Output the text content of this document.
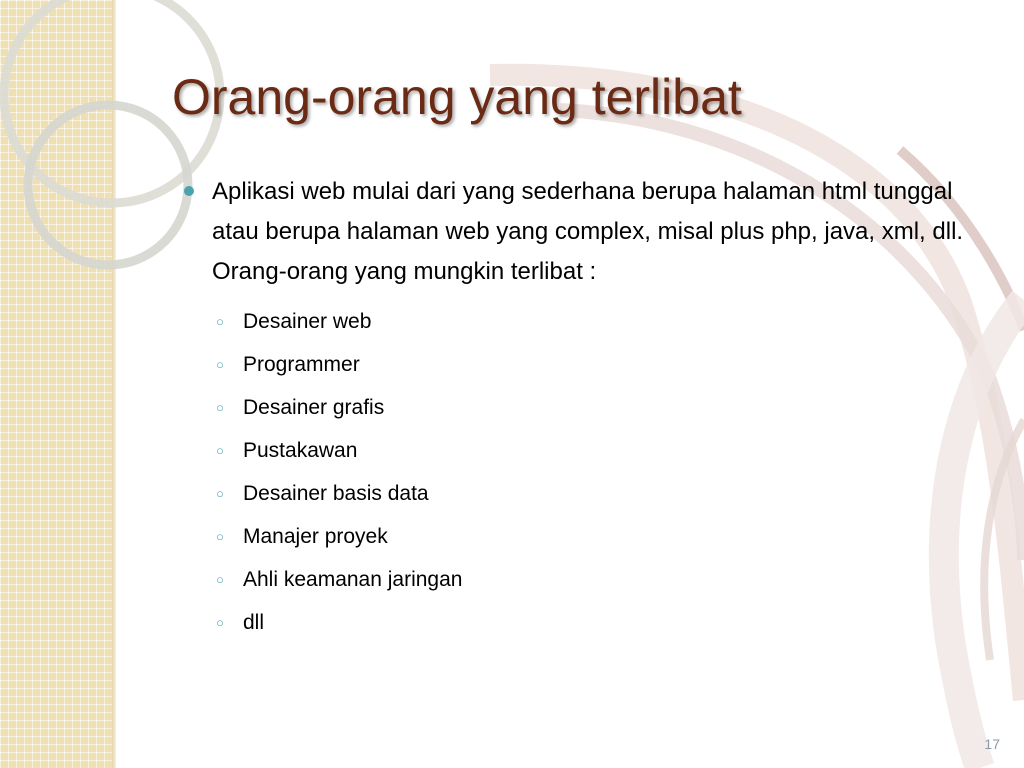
Orang-orang yang terlibat
Aplikasi web mulai dari yang sederhana berupa halaman html tunggal atau berupa halaman web yang complex, misal plus php, java, xml, dll. Orang-orang yang mungkin terlibat :
○ Desainer web
○ Programmer
○ Desainer grafis
○ Pustakawan
○ Desainer basis data
○ Manajer proyek
○ Ahli keamanan jaringan
○ dll
17
